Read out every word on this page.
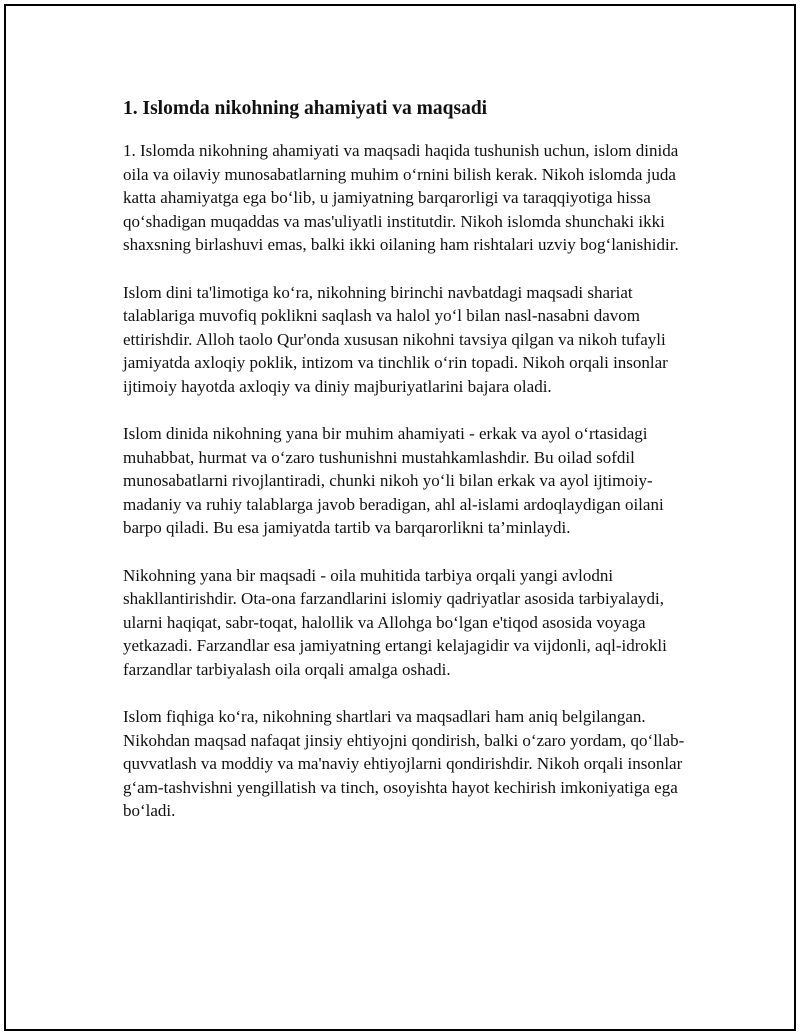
1. Islomda nikohning ahamiyati va maqsadi

1. Islomda nikohning ahamiyati va maqsadi haqida tushunish uchun, islom dinida oila va oilaviy munosabatlarning muhim o‘rnini bilish kerak. Nikoh islomda juda katta ahamiyatga ega bo‘lib, u jamiyatning barqarorligi va taraqqiyotiga hissa qo‘shadigan muqaddas va mas'uliyatli institutdir. Nikoh islomda shunchaki ikki shaxsning birlashuvi emas, balki ikki oilaning ham rishtalari uzviy bog‘lanishidir.

Islom dini ta'limotiga ko‘ra, nikohning birinchi navbatdagi maqsadi shariat talablariga muvofiq poklikni saqlash va halol yo‘l bilan nasl-nasabni davom ettirishdir. Alloh taolo Qur'onda xususan nikohni tavsiya qilgan va nikoh tufayli jamiyatda axloqiy poklik, intizom va tinchlik o‘rin topadi. Nikoh orqali insonlar ijtimoiy hayotda axloqiy va diniy majburiyatlarini bajara oladi.

Islom dinida nikohning yana bir muhim ahamiyati - erkak va ayol o‘rtasidagi muhabbat, hurmat va o‘zaro tushunishni mustahkamlashdir. Bu oilad sofdil munosabatlarni rivojlantiradi, chunki nikoh yo‘li bilan erkak va ayol ijtimoiy-madaniy va ruhiy talablarga javob beradigan, ahl al-islami ardoqlaydigan oilani barpo qiladi. Bu esa jamiyatda tartib va barqarorlikni ta’minlaydi.

Nikohning yana bir maqsadi - oila muhitida tarbiya orqali yangi avlodni shakllantirishdir. Ota-ona farzandlarini islomiy qadriyatlar asosida tarbiyalaydi, ularni haqiqat, sabr-toqat, halollik va Allohga bo‘lgan e'tiqod asosida voyaga yetkazadi. Farzandlar esa jamiyatning ertangi kelajagidir va vijdonli, aql-idrokli farzandlar tarbiyalash oila orqali amalga oshadi.

Islom fiqhiga ko‘ra, nikohning shartlari va maqsadlari ham aniq belgilangan. Nikohdan maqsad nafaqat jinsiy ehtiyojni qondirish, balki o‘zaro yordam, qo‘llab-quvvatlash va moddiy va ma'naviy ehtiyojlarni qondirishdir. Nikoh orqali insonlar g‘am-tashvishni yengillatish va tinch, osoyishta hayot kechirish imkoniyatiga ega bo‘ladi.
